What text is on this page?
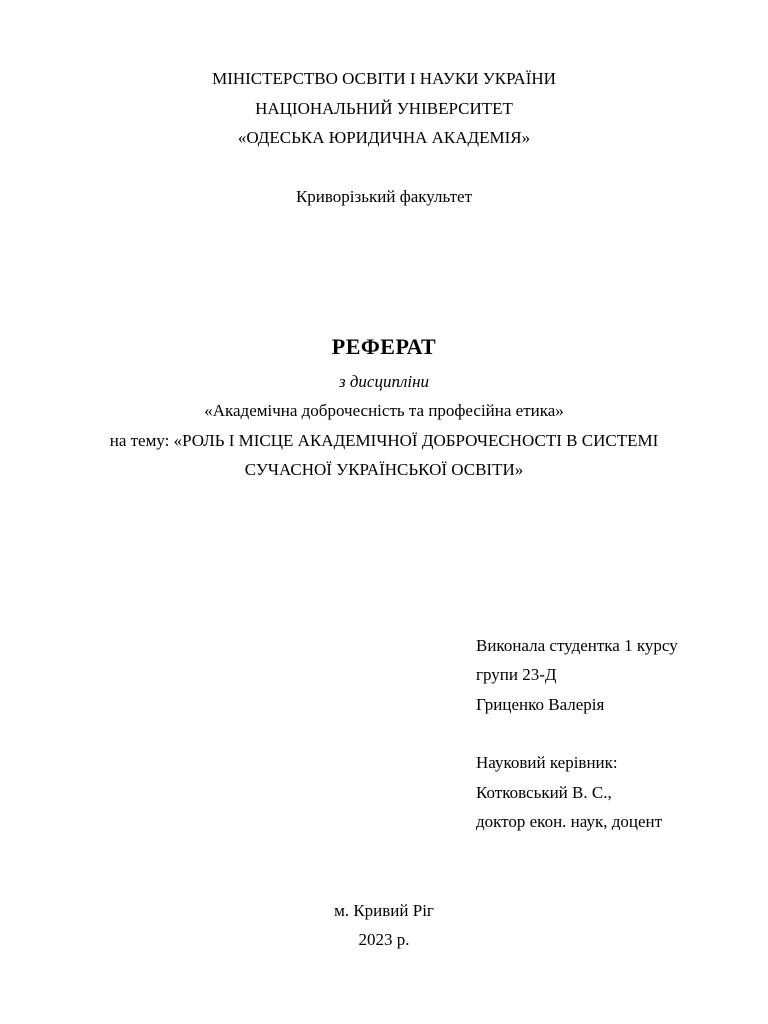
МІНІСТЕРСТВО ОСВІТИ І НАУКИ УКРАЇНИ
НАЦІОНАЛЬНИЙ УНІВЕРСИТЕТ
«ОДЕСЬКА ЮРИДИЧНА АКАДЕМІЯ»
Криворізький факультет
РЕФЕРАТ
з дисципліни
«Академічна доброчесність та професійна етика»
на тему: «РОЛЬ І МІСЦЕ АКАДЕМІЧНОЇ ДОБРОЧЕСНОСТІ В СИСТЕМІ
СУЧАСНОЇ УКРАЇНСЬКОЇ ОСВІТИ»
Виконала студентка 1 курсу
групи 23-Д
Гриценко Валерія
Науковий керівник:
Котковський В. С.,
доктор екон. наук, доцент
м. Кривий Ріг
2023 р.
